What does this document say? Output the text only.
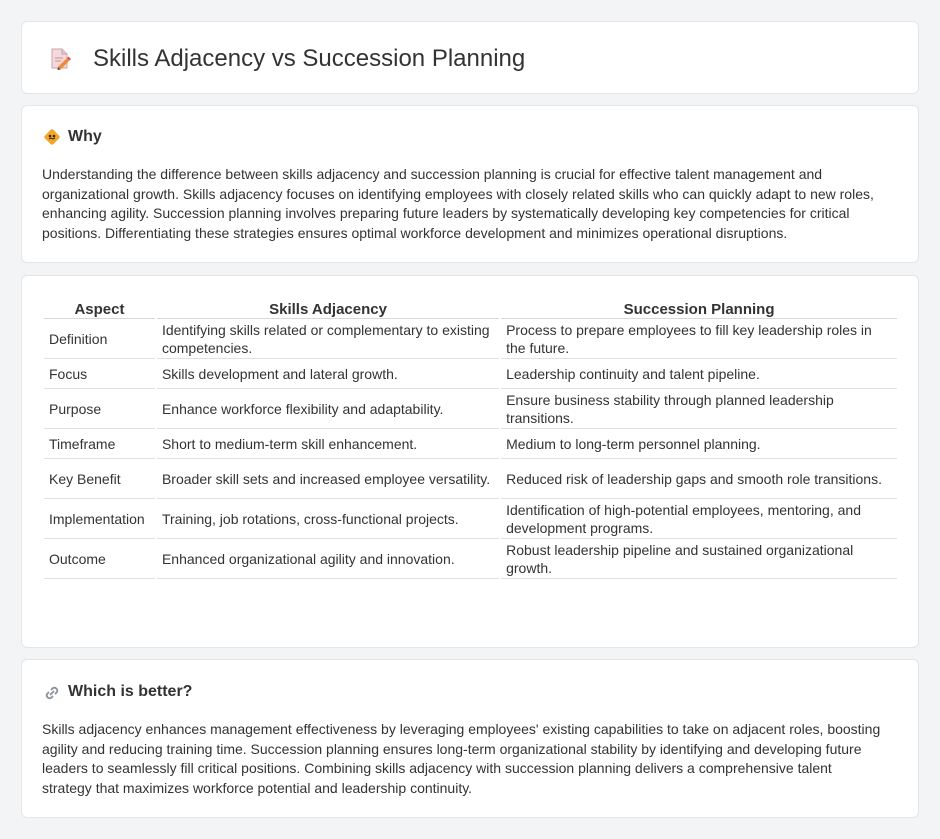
Skills Adjacency vs Succession Planning
Why

Understanding the difference between skills adjacency and succession planning is crucial for effective talent management and organizational growth. Skills adjacency focuses on identifying employees with closely related skills who can quickly adapt to new roles, enhancing agility. Succession planning involves preparing future leaders by systematically developing key competencies for critical positions. Differentiating these strategies ensures optimal workforce development and minimizes operational disruptions.

Aspect	Skills Adjacency	Succession Planning
Definition	Identifying skills related or complementary to existing competencies.	Process to prepare employees to fill key leadership roles in the future.
Focus	Skills development and lateral growth.	Leadership continuity and talent pipeline.
Purpose	Enhance workforce flexibility and adaptability.	Ensure business stability through planned leadership transitions.
Timeframe	Short to medium-term skill enhancement.	Medium to long-term personnel planning.
Key Benefit	Broader skill sets and increased employee versatility.	Reduced risk of leadership gaps and smooth role transitions.
Implementation	Training, job rotations, cross-functional projects.	Identification of high-potential employees, mentoring, and development programs.
Outcome	Enhanced organizational agility and innovation.	Robust leadership pipeline and sustained organizational growth.
Which is better?

Skills adjacency enhances management effectiveness by leveraging employees' existing capabilities to take on adjacent roles, boosting agility and reducing training time. Succession planning ensures long-term organizational stability by identifying and developing future leaders to seamlessly fill critical positions. Combining skills adjacency with succession planning delivers a comprehensive talent strategy that maximizes workforce potential and leadership continuity.
